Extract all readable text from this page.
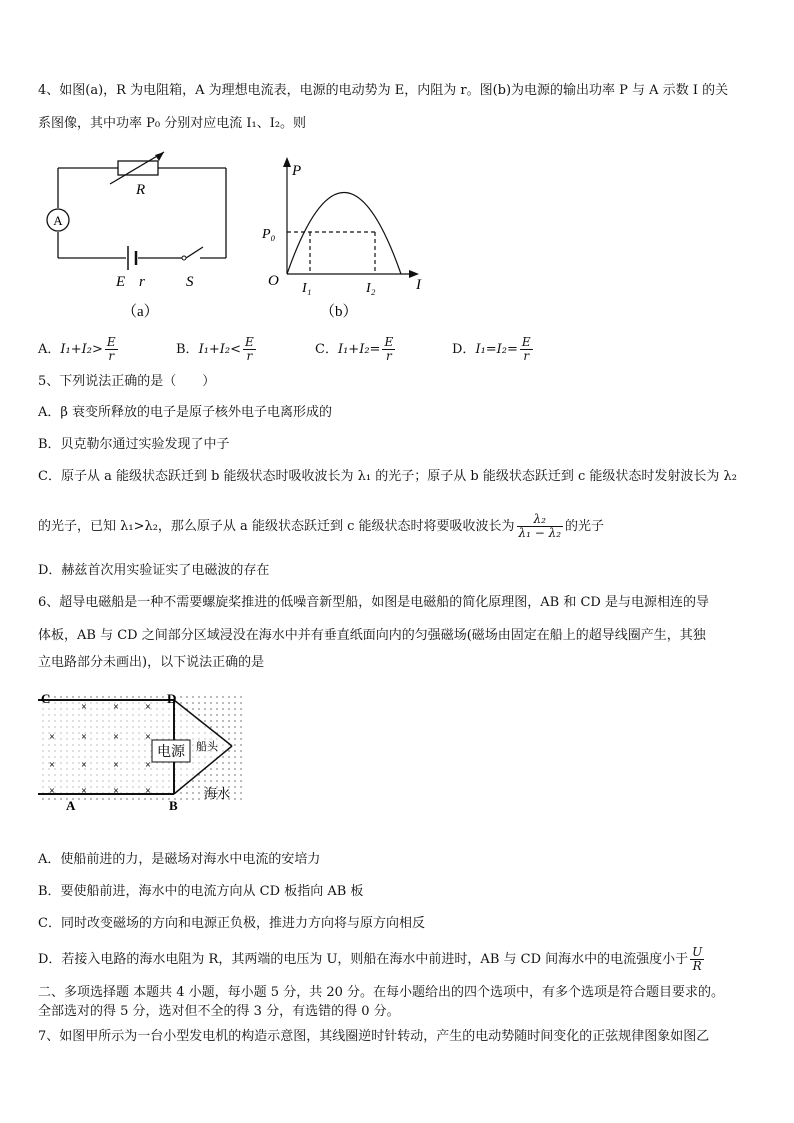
4、如图(a)，R 为电阻箱，A 为理想电流表，电源的电动势为 E，内阻为 r。图(b)为电源的输出功率 P 与 A 示数 I 的关
系图像，其中功率 P₀ 分别对应电流 I₁、I₂。则
A
R
E r	S
（a）
P
P₀
O I₁	I₂	I
（b）
A．$I_1+I_2> \frac{E}{r}$	B．$I_1+I_2< \frac{E}{r}$	C．$I_1+I_2= \frac{E}{r}$	D．$I_1=I_2= \frac{E}{r}$
5、下列说法正确的是（　　）
A．β 衰变所释放的电子是原子核外电子电离形成的
B．贝克勒尔通过实验发现了中子
C．原子从 a 能级状态跃迁到 b 能级状态时吸收波长为 λ₁ 的光子；原子从 b 能级状态跃迁到 c 能级状态时发射波长为 λ₂
的光子，已知 λ₁>λ₂，那么原子从 a 能级状态跃迁到 c 能级状态时将要吸收波长为 $\frac{\text{λ₂}}{\text{λ₁ − λ₂}}$ 的光子
D．赫兹首次用实验证实了电磁波的存在
6、超导电磁船是一种不需要螺旋桨推进的低噪音新型船，如图是电磁船的简化原理图，AB 和 CD 是与电源相连的导
体板，AB 与 CD 之间部分区域浸没在海水中并有垂直纸面向内的匀强磁场(磁场由固定在船上的超导线圈产生，其独
立电路部分未画出)，以下说法正确的是
×	×	×
×	×	×	×
×	×	×	×
×	×	×	×
电源 船头
海水
C	D
A	B
A．使船前进的力，是磁场对海水中电流的安培力
B．要使船前进，海水中的电流方向从 CD 板指向 AB 板
C．同时改变磁场的方向和电源正负极，推进力方向将与原方向相反
D．若接入电路的海水电阻为 R，其两端的电压为 U，则船在海水中前进时，AB 与 CD 间海水中的电流强度小于 $\frac{U}{R}$
二、多项选择题 本题共 4 小题，每小题 5 分，共 20 分。在每小题给出的四个选项中，有多个选项是符合题目要求的。
全部选对的得 5 分，选对但不全的得 3 分，有选错的得 0 分。
7、如图甲所示为一台小型发电机的构造示意图，其线圈逆时针转动，产生的电动势随时间变化的正弦规律图象如图乙
